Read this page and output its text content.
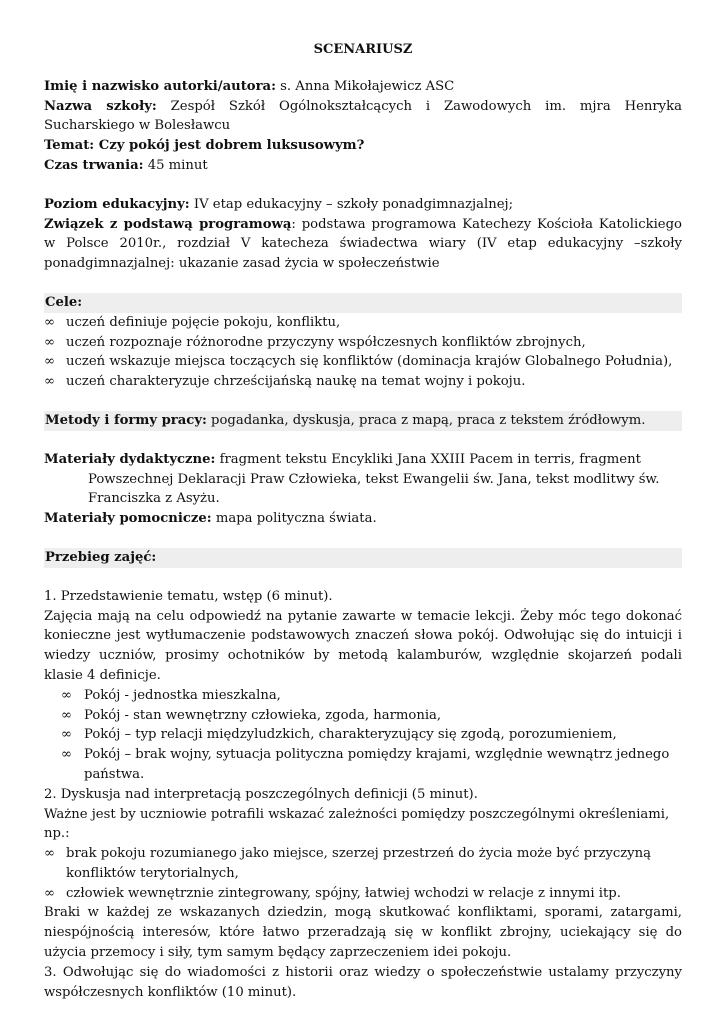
SCENARIUSZ

Imię i nazwisko autorki/autora: s. Anna Mikołajewicz ASC

Nazwa szkoły: Zespół Szkół Ogólnokształcących i Zawodowych im. mjra Henryka Sucharskiego w Bolesławcu

Temat: Czy pokój jest dobrem luksusowym?

Czas trwania: 45 minut

Poziom edukacyjny: IV etap edukacyjny – szkoły ponadgimnazjalnej;

Związek z podstawą programową: podstawa programowa Katechezy Kościoła Katolickiego w Polsce 2010r., rozdział V katecheza świadectwa wiary (IV etap edukacyjny –szkoły ponadgimnazjalnej: ukazanie zasad życia w społeczeństwie

Cele:

∞ uczeń definiuje pojęcie pokoju, konfliktu,

∞ uczeń rozpoznaje różnorodne przyczyny współczesnych konfliktów zbrojnych,

∞ uczeń wskazuje miejsca toczących się konfliktów (dominacja krajów Globalnego Południa),

∞ uczeń charakteryzuje chrześcijańską naukę na temat wojny i pokoju.

Metody i formy pracy: pogadanka, dyskusja, praca z mapą, praca z tekstem źródłowym.

Materiały dydaktyczne: fragment tekstu Encykliki Jana XXIII Pacem in terris, fragment Powszechnej Deklaracji Praw Człowieka, tekst Ewangelii św. Jana, tekst modlitwy św. Franciszka z Asyżu.

Materiały pomocnicze: mapa polityczna świata.

Przebieg zajęć:

1. Przedstawienie tematu, wstęp (6 minut).

Zajęcia mają na celu odpowiedź na pytanie zawarte w temacie lekcji. Żeby móc tego dokonać konieczne jest wytłumaczenie podstawowych znaczeń słowa pokój. Odwołując się do intuicji i wiedzy uczniów, prosimy ochotników by metodą kalamburów, względnie skojarzeń podali klasie 4 definicje.

∞ Pokój - jednostka mieszkalna,

∞ Pokój - stan wewnętrzny człowieka, zgoda, harmonia,

∞ Pokój – typ relacji międzyludzkich, charakteryzujący się zgodą, porozumieniem,

∞ Pokój – brak wojny, sytuacja polityczna pomiędzy krajami, względnie wewnątrz jednego państwa.

2. Dyskusja nad interpretacją poszczególnych definicji (5 minut).

Ważne jest by uczniowie potrafili wskazać zależności pomiędzy poszczególnymi określeniami, np.:

∞ brak pokoju rozumianego jako miejsce, szerzej przestrzeń do życia może być przyczyną konfliktów terytorialnych,

∞ człowiek wewnętrznie zintegrowany, spójny, łatwiej wchodzi w relacje z innymi itp.

Braki w każdej ze wskazanych dziedzin, mogą skutkować konfliktami, sporami, zatargami, niespójnością interesów, które łatwo przeradzają się w konflikt zbrojny, uciekający się do użycia przemocy i siły, tym samym będący zaprzeczeniem idei pokoju.

3. Odwołując się do wiadomości z historii oraz wiedzy o społeczeństwie ustalamy przyczyny współczesnych konfliktów (10 minut).
